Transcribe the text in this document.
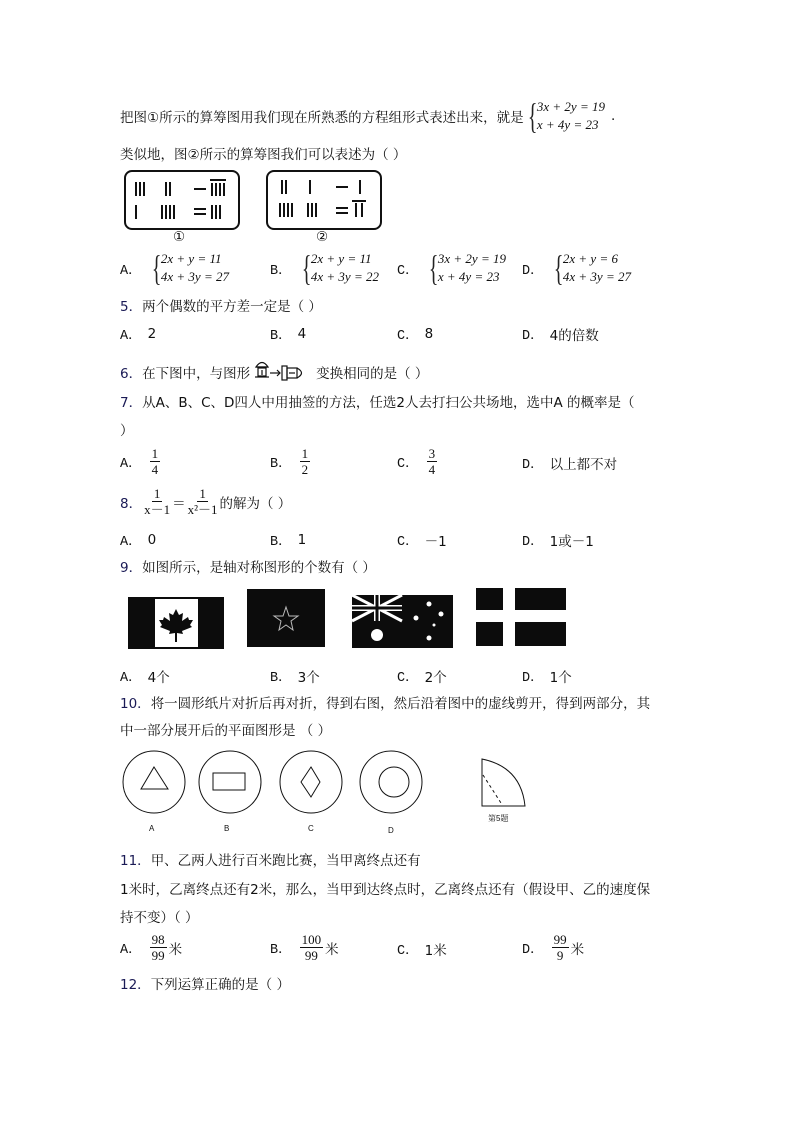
把图①所示的算筹图用我们现在所熟悉的方程组形式表述出来，就是 { 3x + 2y = 19
x + 4y = 23
.
类似地，图②所示的算筹图我们可以表述为（ ）
①	②
A． { 2x + y = 11
4x + 3y = 27	B． { 2x + y = 11
4x + 3y = 22 C． { 3x + 2y = 19
x + 4y = 23	D． { 2x + y = 6
4x + 3y = 27
5．两个偶数的平方差一定是（ ）
A． 2	B． 4	C． 8	D． 4的倍数
6． 在下图中，与图形	变换相同的是（ ）
7．从A、B、C、D四人中用抽签的方法，任选2人去打扫公共场地，选中A 的概率是（
）
A． $\frac{1}{4}$	B． $\frac{1}{2}$	C． $\frac{3}{4}$	D． 以上都不对
8． $\frac{1}{x-1} = \frac{1}{\text{x²－1}}$ 的解为（ ）
A． 0	B． 1	C． －1	D． 1或－1
9．如图所示，是轴对称图形的个数有（ ）
A． 4个	B． 3个	C． 2个	D． 1个
10．将一圆形纸片对折后再对折，得到右图，然后沿着图中的虚线剪开，得到两部分，其
中一部分展开后的平面图形是 （ ）
A	B	C	D
第5题
11．甲、乙两人进行百米跑比赛，当甲离终点还有
1米时，乙离终点还有2米，那么，当甲到达终点时，乙离终点还有（假设甲、乙的速度保
持不变）（ ）
A． $\frac{98}{99}$ 米	B． $\frac{100}{99}$ 米	C． 1米	D． $\frac{99}{9}$ 米
12．下列运算正确的是（ ）
